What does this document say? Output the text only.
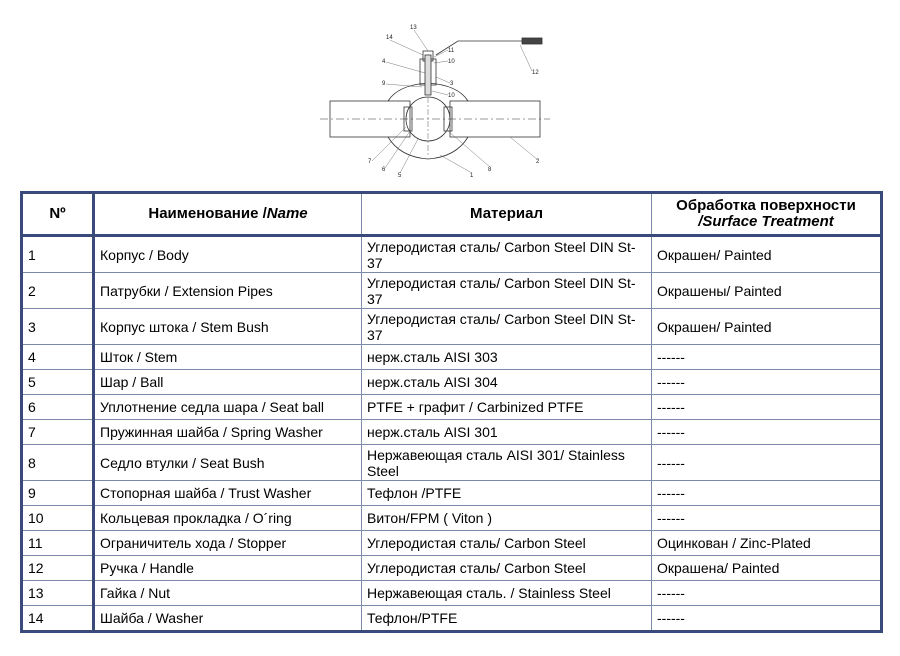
13
14
11
10
4
3
9
10
12
7
6
5	1
8
2
Nº	Наименование /Name	Материал	Обработка поверхности
/Surface Treatment
1	Корпус / Body	Углеродистая сталь/ Carbon Steel DIN St-37	Окрашен/ Painted
2	Патрубки / Extension Pipes	Углеродистая сталь/ Carbon Steel DIN St-37	Окрашены/ Painted
3	Корпус штока / Stem Bush	Углеродистая сталь/ Carbon Steel DIN St-37	Окрашен/ Painted
4	Шток / Stem	нерж.сталь AISI 303	------
5	Шар / Ball	нерж.сталь AISI 304	------
6	Уплотнение седла шара / Seat ball	PTFE + графит / Carbinized PTFE	------
7	Пружинная шайба / Spring Washer	нерж.сталь AISI 301	------
8	Седло втулки / Seat Bush	Нержавеющая сталь AISI 301/ Stainless Steel	------
9	Стопорная шайба / Trust Washer	Тефлон /PTFE	------
10	Кольцевая прокладка / O´ring	Витон/FPM ( Viton )	------
11	Ограничитель хода / Stopper	Углеродистая сталь/ Carbon Steel	Оцинкован / Zinc-Plated
12	Ручка / Handle	Углеродистая сталь/ Carbon Steel	Окрашена/ Painted
13	Гайка / Nut	Нержавеющая сталь. / Stainless Steel	------
14	Шайба / Washer	Тефлон/PTFE	------
